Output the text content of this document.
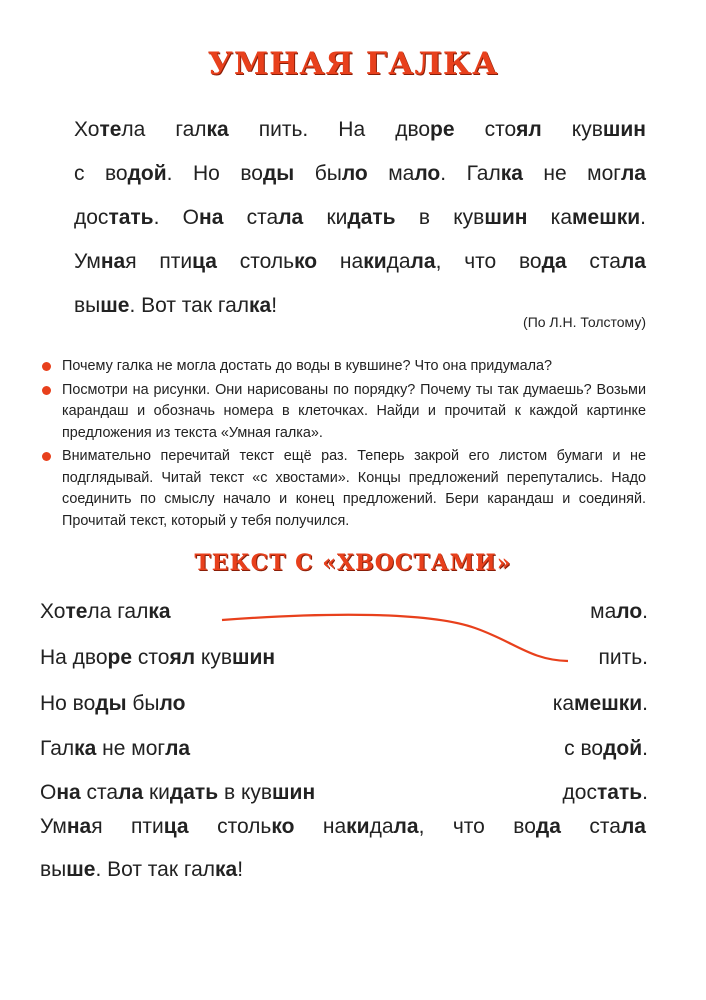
УМНАЯ ГАЛКА

Хотела галка пить. На дворе стоял кувшин
с водой. Но воды было мало. Галка не могла
достать. Она стала кидать в кувшин камешки.
Умная птица столько накидала, что вода стала
выше. Вот так галка!

(По Л.Н. Толстому)

Почему галка не могла достать до воды в кувшине? Что она придумала?
Посмотри на рисунки. Они нарисованы по порядку? Почему ты так думаешь? Возьми карандаш и обозначь номера в клеточках. Найди и прочитай к каждой картинке предложения из текста «Умная галка».
Внимательно перечитай текст ещё раз. Теперь закрой его листом бумаги и не подглядывай. Читай текст «с хвостами». Концы предложений перепутались. Надо соединить по смыслу начало и конец предложений. Бери карандаш и соединяй. Прочитай текст, который у тебя получился.
ТЕКСТ С «ХВОСТАМИ»
Хотела галка
На дворе стоял кувшин
Но воды было
Галка не могла
Она стала кидать в кувшин
мало.
пить.
камешки.
с водой.
достать.
Умная птица столько накидала, что вода стала
выше. Вот так галка!
